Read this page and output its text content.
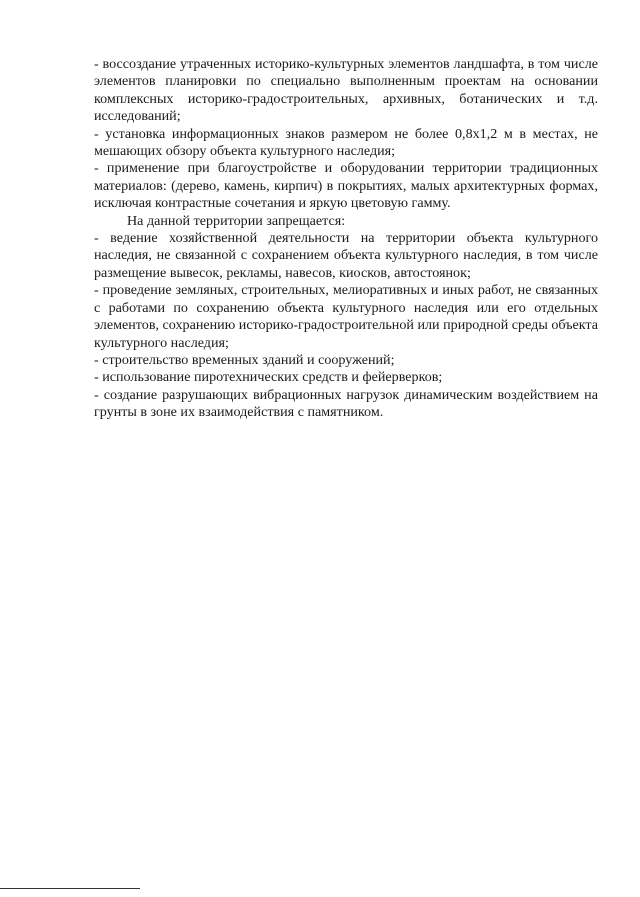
- воссоздание утраченных историко-культурных элементов ландшафта, в том числе элементов планировки по специально выполненным проектам на основании комплексных историко-градостроительных, архивных, ботанических и т.д. исследований;

- установка информационных знаков размером не более 0,8x1,2 м в местах, не мешающих обзору объекта культурного наследия;

- применение при благоустройстве и оборудовании территории традиционных материалов: (дерево, камень, кирпич) в покрытиях, малых архитектурных формах, исключая контрастные сочетания и яркую цветовую гамму.

На данной территории запрещается:

- ведение хозяйственной деятельности на территории объекта культурного наследия, не связанной с сохранением объекта культурного наследия, в том числе размещение вывесок, рекламы, навесов, киосков, автостоянок;

- проведение земляных, строительных, мелиоративных и иных работ, не связанных с работами по сохранению объекта культурного наследия или его отдельных элементов, сохранению историко-градостроительной или природной среды объекта культурного наследия;

- строительство временных зданий и сооружений;

- использование пиротехнических средств и фейерверков;

- создание разрушающих вибрационных нагрузок динамическим воздействием на грунты в зоне их взаимодействия с памятником.
